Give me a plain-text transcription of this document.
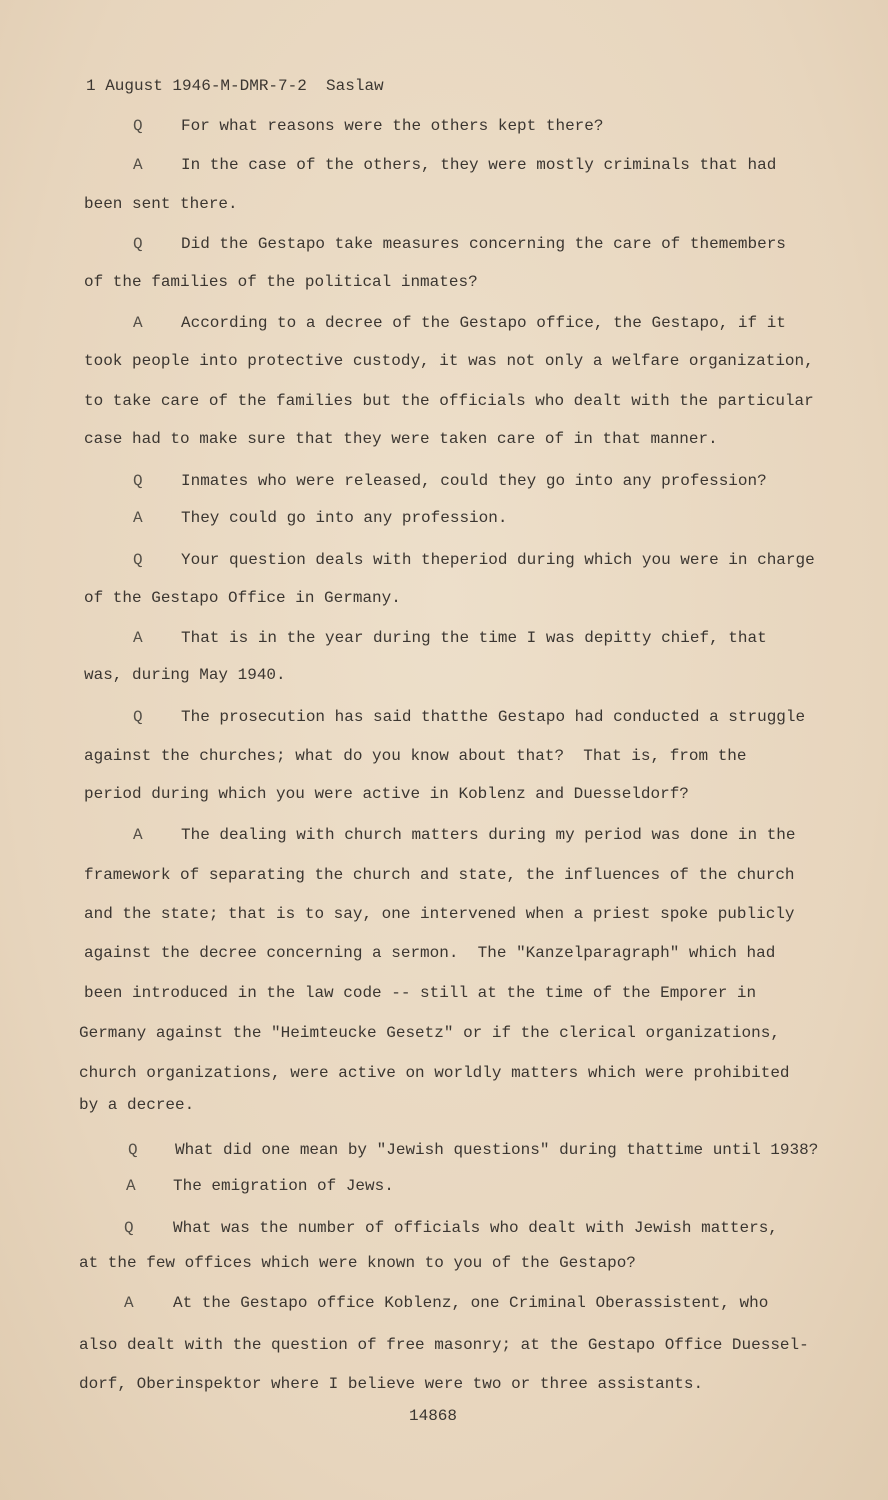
1 August 1946-M-DMR-7-2  Saslaw
Q For what reasons were the others kept there?
A In the case of the others, they were mostly criminals that had
been sent there.
Q Did the Gestapo take measures concerning the care of themembers
of the families of the political inmates?
A According to a decree of the Gestapo office, the Gestapo, if it
took people into protective custody, it was not only a welfare organization,
to take care of the families but the officials who dealt with the particular
case had to make sure that they were taken care of in that manner.
Q Inmates who were released, could they go into any profession?
A They could go into any profession.
Q Your question deals with theperiod during which you were in charge
of the Gestapo Office in Germany.
A That is in the year during the time I was depitty chief, that
was, during May 1940.
Q The prosecution has said thatthe Gestapo had conducted a struggle
against the churches; what do you know about that?  That is, from the
period during which you were active in Koblenz and Duesseldorf?
A The dealing with church matters during my period was done in the
framework of separating the church and state, the influences of the church
and the state; that is to say, one intervened when a priest spoke publicly
against the decree concerning a sermon.  The "Kanzelparagraph" which had
been introduced in the law code -- still at the time of the Emporer in
Germany against the "Heimteucke Gesetz" or if the clerical organizations,
church organizations, were active on worldly matters which were prohibited
by a decree.
Q What did one mean by "Jewish questions" during thattime until 1938?
A The emigration of Jews.
Q What was the number of officials who dealt with Jewish matters,
at the few offices which were known to you of the Gestapo?
A At the Gestapo office Koblenz, one Criminal Oberassistent, who
also dealt with the question of free masonry; at the Gestapo Office Duessel-
dorf, Oberinspektor where I believe were two or three assistants.
14868
